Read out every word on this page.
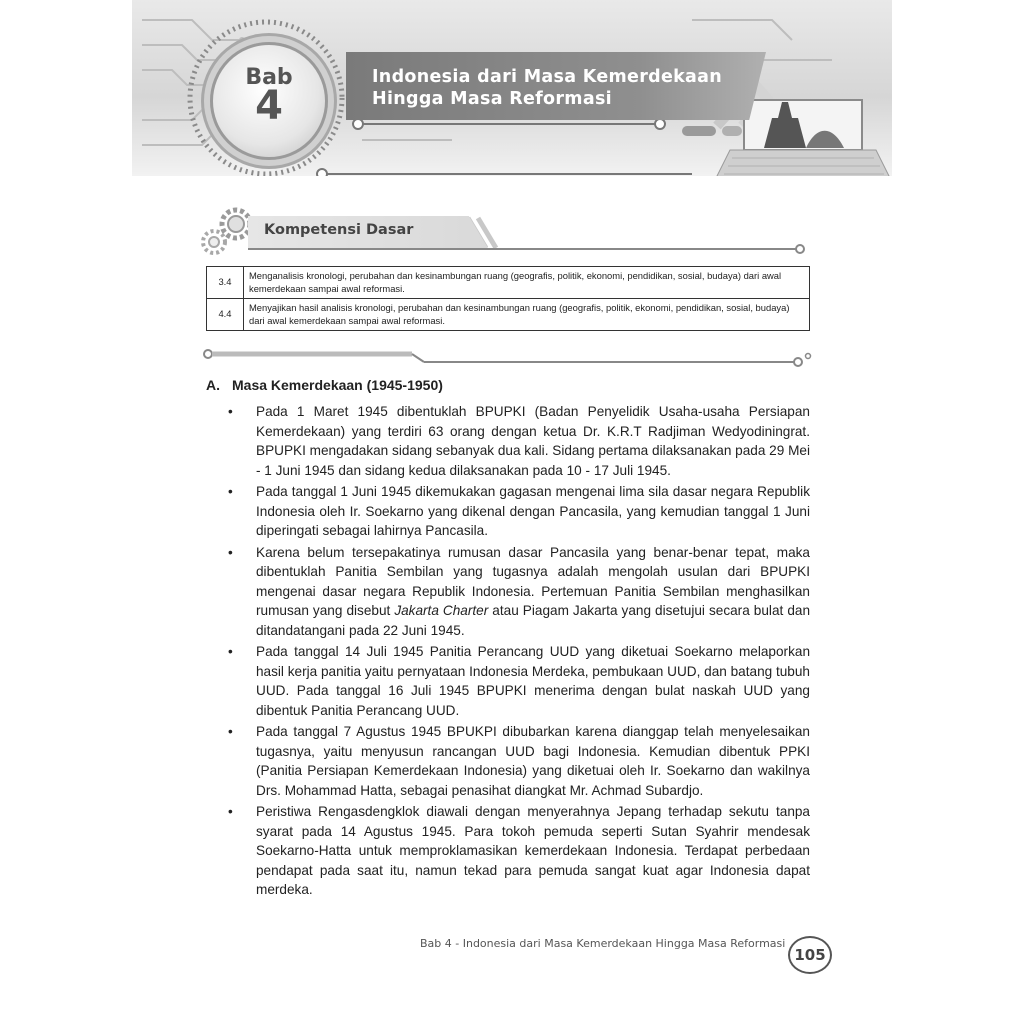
Bab
4
Indonesia dari Masa Kemerdekaan
Hingga Masa Reformasi
Kompetensi Dasar
3.4	Menganalisis kronologi, perubahan dan kesinambungan ruang (geografis, politik, ekonomi, pendidikan, sosial, budaya) dari awal kemerdekaan sampai awal reformasi.
4.4	Menyajikan hasil analisis kronologi, perubahan dan kesinambungan ruang (geografis, politik, ekonomi, pendidikan, sosial, budaya) dari awal kemerdekaan sampai awal reformasi.
A. Masa Kemerdekaan (1945-1950)
• Pada 1 Maret 1945 dibentuklah BPUPKI (Badan Penyelidik Usaha-usaha Persiapan Kemerdekaan) yang terdiri 63 orang dengan ketua Dr. K.R.T Radjiman Wedyodiningrat. BPUPKI mengadakan sidang sebanyak dua kali. Sidang pertama dilaksanakan pada 29 Mei - 1 Juni 1945 dan sidang kedua dilaksanakan pada 10 - 17 Juli 1945.
• Pada tanggal 1 Juni 1945 dikemukakan gagasan mengenai lima sila dasar negara Republik Indonesia oleh Ir. Soekarno yang dikenal dengan Pancasila, yang kemudian tanggal 1 Juni diperingati sebagai lahirnya Pancasila.
• Karena belum tersepakatinya rumusan dasar Pancasila yang benar-benar tepat, maka dibentuklah Panitia Sembilan yang tugasnya adalah mengolah usulan dari BPUPKI mengenai dasar negara Republik Indonesia. Pertemuan Panitia Sembilan menghasilkan rumusan yang disebut Jakarta Charter atau Piagam Jakarta yang disetujui secara bulat dan ditandatangani pada 22 Juni 1945.
• Pada tanggal 14 Juli 1945 Panitia Perancang UUD yang diketuai Soekarno melaporkan hasil kerja panitia yaitu pernyataan Indonesia Merdeka, pembukaan UUD, dan batang tubuh UUD. Pada tanggal 16 Juli 1945 BPUPKI menerima dengan bulat naskah UUD yang dibentuk Panitia Perancang UUD.
• Pada tanggal 7 Agustus 1945 BPUKPI dibubarkan karena dianggap telah menyelesaikan tugasnya, yaitu menyusun rancangan UUD bagi Indonesia. Kemudian dibentuk PPKI (Panitia Persiapan Kemerdekaan Indonesia) yang diketuai oleh Ir. Soekarno dan wakilnya Drs. Mohammad Hatta, sebagai penasihat diangkat Mr. Achmad Subardjo.
• Peristiwa Rengasdengklok diawali dengan menyerahnya Jepang terhadap sekutu tanpa syarat pada 14 Agustus 1945. Para tokoh pemuda seperti Sutan Syahrir mendesak Soekarno-Hatta untuk memproklamasikan kemerdekaan Indonesia. Terdapat perbedaan pendapat pada saat itu, namun tekad para pemuda sangat kuat agar Indonesia dapat merdeka.
Bab 4 - Indonesia dari Masa Kemerdekaan Hingga Masa Reformasi
105
